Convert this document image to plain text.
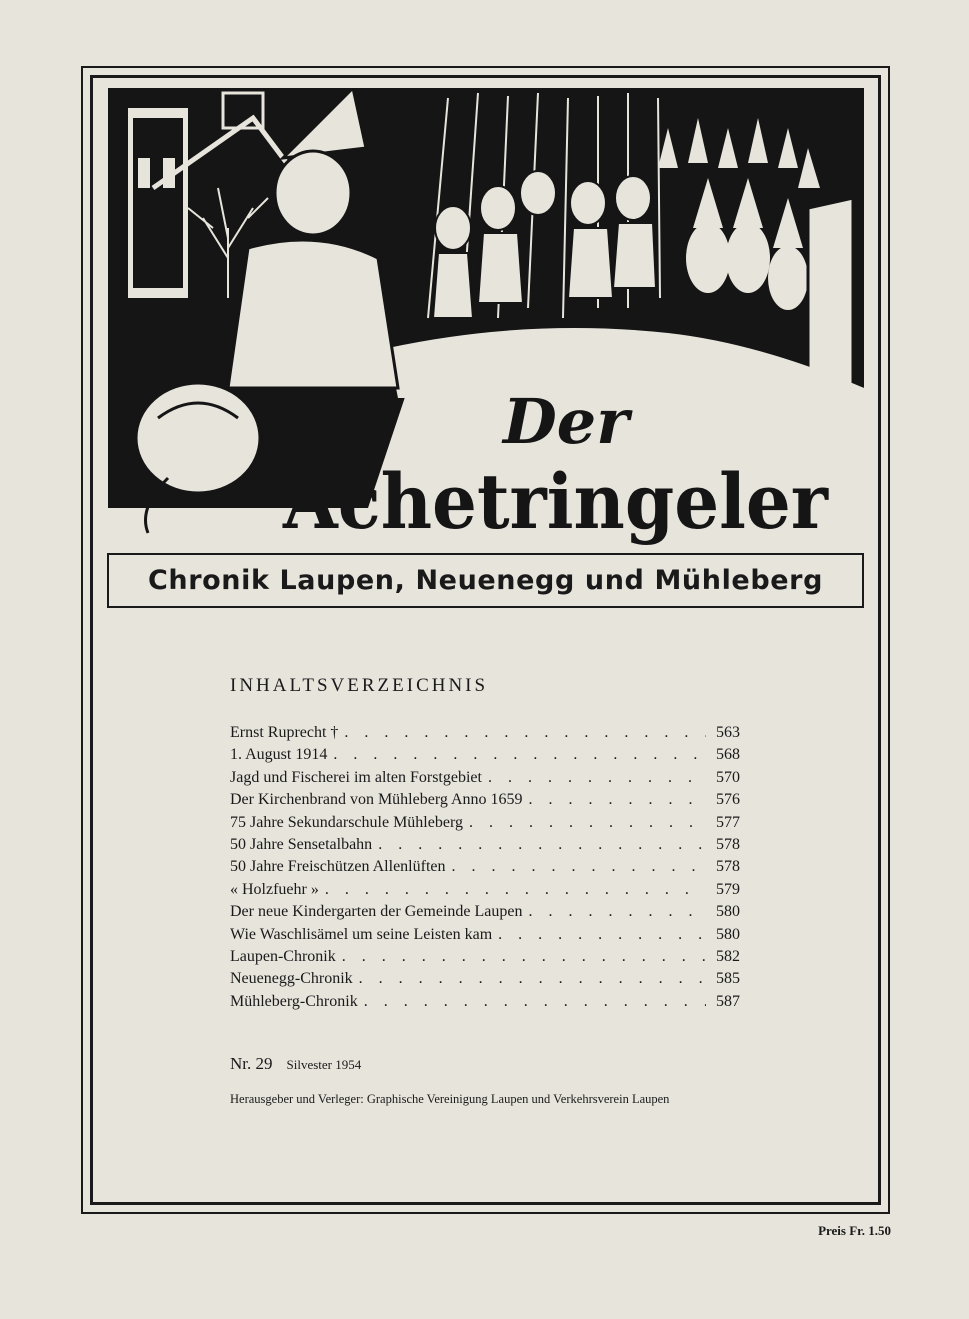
Der
Achetringeler
Chronik Laupen, Neuenegg und Mühleberg
INHALTSVERZEICHNIS
Ernst Ruprecht † . . .	563
1. August 1914 . . .	568
Jagd und Fischerei im alten Forstgebiet . . .	570
Der Kirchenbrand von Mühleberg Anno 1659 . . .	576
75 Jahre Sekundarschule Mühleberg . . .	577
50 Jahre Sensetalbahn . . .	578
50 Jahre Freischützen Allenlüften . . .	578
« Holzfuehr » . . .	579
Der neue Kindergarten der Gemeinde Laupen . . .	580
Wie Waschlisämel um seine Leisten kam . . .	580
Laupen-Chronik . . .	582
Neuenegg-Chronik . . .	585
Mühleberg-Chronik . . .	587
Nr. 29 Silvester 1954
Herausgeber und Verleger: Graphische Vereinigung Laupen und Verkehrsverein Laupen
Preis Fr. 1.50
